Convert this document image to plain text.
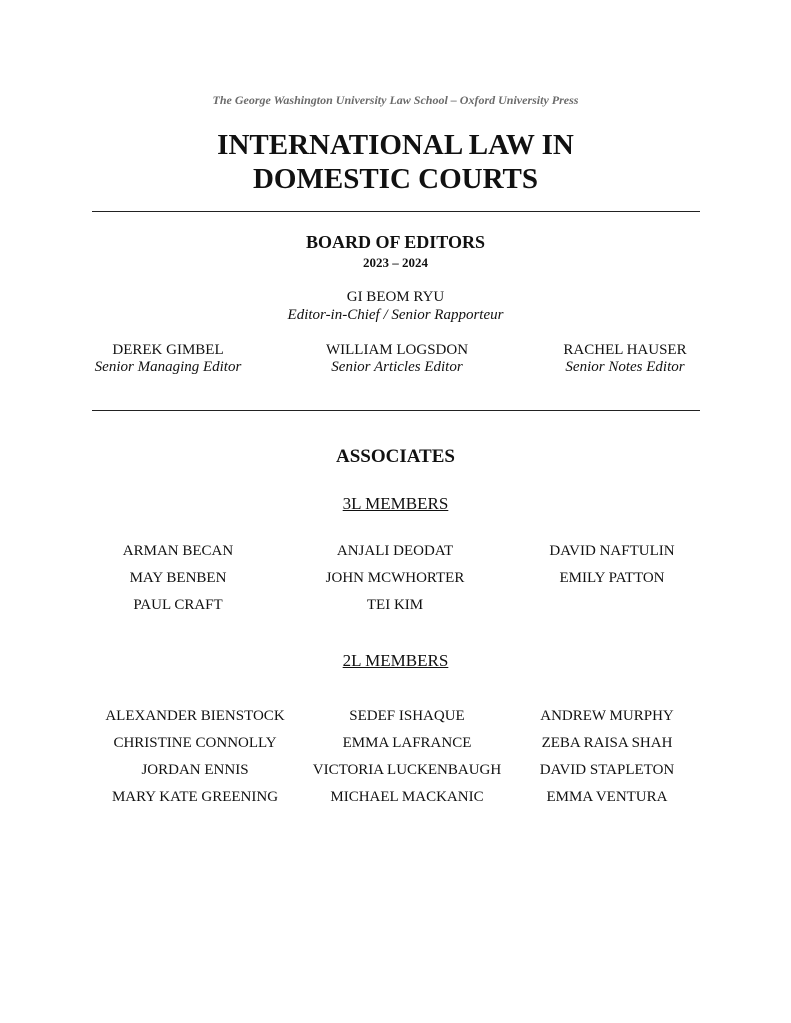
The George Washington University Law School – Oxford University Press
INTERNATIONAL LAW IN
DOMESTIC COURTS
BOARD OF EDITORS
2023 – 2024
GI BEOM RYU
Editor-in-Chief / Senior Rapporteur
DEREK GIMBEL
Senior Managing Editor
WILLIAM LOGSDON
Senior Articles Editor
RACHEL HAUSER
Senior Notes Editor
ASSOCIATES
3L MEMBERS
ARMAN BECAN
MAY BENBEN
PAUL CRAFT
ANJALI DEODAT
JOHN MCWHORTER
TEI KIM
DAVID NAFTULIN
EMILY PATTON
2L MEMBERS
ALEXANDER BIENSTOCK
CHRISTINE CONNOLLY
JORDAN ENNIS
MARY KATE GREENING
SEDEF ISHAQUE
EMMA LAFRANCE
VICTORIA LUCKENBAUGH
MICHAEL MACKANIC
ANDREW MURPHY
ZEBA RAISA SHAH
DAVID STAPLETON
EMMA VENTURA
